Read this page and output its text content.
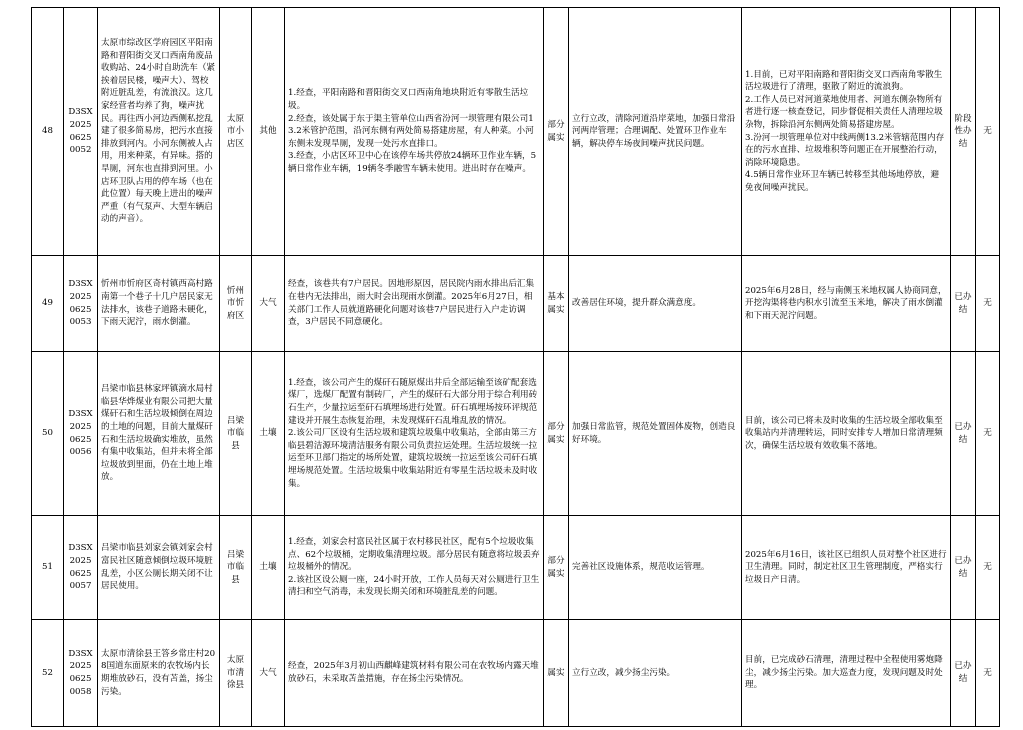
48	D3SX202506250052	太原市综改区学府园区平阳南路和晋阳街交叉口西南角废品收购站、24小时自助洗车（紧挨着居民楼，噪声大）、驾校附近脏乱差，有流浪汉。这几家经营者均养了狗，噪声扰民。再往西小河边西侧私挖乱建了很多简易房，把污水直接排放到河内。小河东侧被人占用，用来种菜，有异味。搭的旱厕，河东也直排到河里。小店环卫队占用的停车场（也在此位置）每天晚上进出的噪声严重（有气泵声、大型车辆启动的声音）。	太原市小店区	其他	1.经查，平阳南路和晋阳街交叉口西南角地块附近有零散生活垃圾。
2.经查，该处属于东于渠主管单位山西省汾河一坝管理有限公司13.2米管护范围，沿河东侧有两处简易搭建房屋，有人种菜。小河东侧未发现旱厕，发现一处污水直排口。
3.经查，小店区环卫中心在该停车场共停放24辆环卫作业车辆，5辆日常作业车辆，19辆冬季融雪车辆未使用。进出时存在噪声。	部分属实	立行立改，清除河道沿岸菜地，加强日常沿河两岸管理；合理调配、处置环卫作业车辆，解决停车场夜间噪声扰民问题。	1.目前，已对平阳南路和晋阳街交叉口西南角零散生活垃圾进行了清理，驱散了附近的流浪狗。
2.工作人员已对河道菜地使用者、河道东侧杂物所有者进行逐一核查登记，同步督促相关责任人清理垃圾杂物，拆除沿河东侧两处简易搭建房屋。
3.汾河一坝管理单位对中线两侧13.2米管辖范围内存在的污水直排、垃圾堆积等问题正在开展整治行动，消除环境隐患。
4.5辆日常作业环卫车辆已转移至其他场地停放，避免夜间噪声扰民。	阶段性办结	无
49	D3SX202506250053	忻州市忻府区奇村镇西高村路南第一个巷子十几户居民家无法排水，该巷子道路未硬化，下雨天泥泞，雨水倒灌。	忻州市忻府区	大气	经查，该巷共有7户居民。因地形原因，居民院内雨水排出后汇集在巷内无法排出，雨大时会出现雨水倒灌。2025年6月27日，相关部门工作人员就道路硬化问题对该巷7户居民进行入户走访调查，3户居民不同意硬化。	基本属实	改善居住环境，提升群众满意度。	2025年6月28日，经与南侧玉米地权属人协商同意，开挖沟渠将巷内积水引流至玉米地，解决了雨水倒灌和下雨天泥泞问题。	已办结	无
50	D3SX202506250056	吕梁市临县林家坪镇滴水局村临县华烨煤业有限公司把大量煤矸石和生活垃圾倾倒在周边的土地的问题，目前大量煤矸石和生活垃圾确实堆放，虽然有集中收集站，但并未将全部垃圾放到里面，仍在土地上堆放。	吕梁市临县	土壤	1.经查，该公司产生的煤矸石随原煤出井后全部运输至该矿配套选煤厂，选煤厂配置有制砖厂，产生的煤矸石大部分用于综合利用砖石生产，少量拉运至矸石填埋场进行处置。矸石填埋场按环评规范建设并开展生态恢复治理，未发现煤矸石乱堆乱放的情况。
2.该公司厂区设有生活垃圾和建筑垃圾集中收集站，全部由第三方临县碧洁源环境清洁服务有限公司负责拉运处理。生活垃圾统一拉运至环卫部门指定的场所处置，建筑垃圾统一拉运至该公司矸石填埋场规范处置。生活垃圾集中收集站附近有零星生活垃圾未及时收集。	部分属实	加强日常监管，规范处置固体废物，创造良好环境。	目前，该公司已将未及时收集的生活垃圾全部收集至收集站内并清理转运，同时安排专人增加日常清理频次，确保生活垃圾有效收集不落地。	已办结	无
51	D3SX202506250057	吕梁市临县刘家会镇刘家会村富民社区随意倾倒垃圾环境脏乱差，小区公厕长期关闭不让居民使用。	吕梁市临县	土壤	1.经查，刘家会村富民社区属于农村移民社区，配有5个垃圾收集点、62个垃圾桶，定期收集清理垃圾。部分居民有随意将垃圾丢弃垃圾桶外的情况。
2.该社区设公厕一座，24小时开放，工作人员每天对公厕进行卫生清扫和空气消毒，未发现长期关闭和环境脏乱差的问题。	部分属实	完善社区设施体系，规范收运管理。	2025年6月16日，该社区已组织人员对整个社区进行卫生清理。同时，制定社区卫生管理制度，严格实行垃圾日产日清。	已办结	无
52	D3SX202506250058	太原市清徐县王答乡常庄村208国道东面原来的农牧场内长期堆放砂石，没有苫盖，扬尘污染。	太原市清徐县	大气	经查，2025年3月初山西麒峰建筑材料有限公司在农牧场内露天堆放砂石，未采取苫盖措施，存在扬尘污染情况。	属实	立行立改，减少扬尘污染。	目前，已完成砂石清理，清理过程中全程使用雾炮降尘，减少扬尘污染。加大巡查力度，发现问题及时处理。	已办结	无
